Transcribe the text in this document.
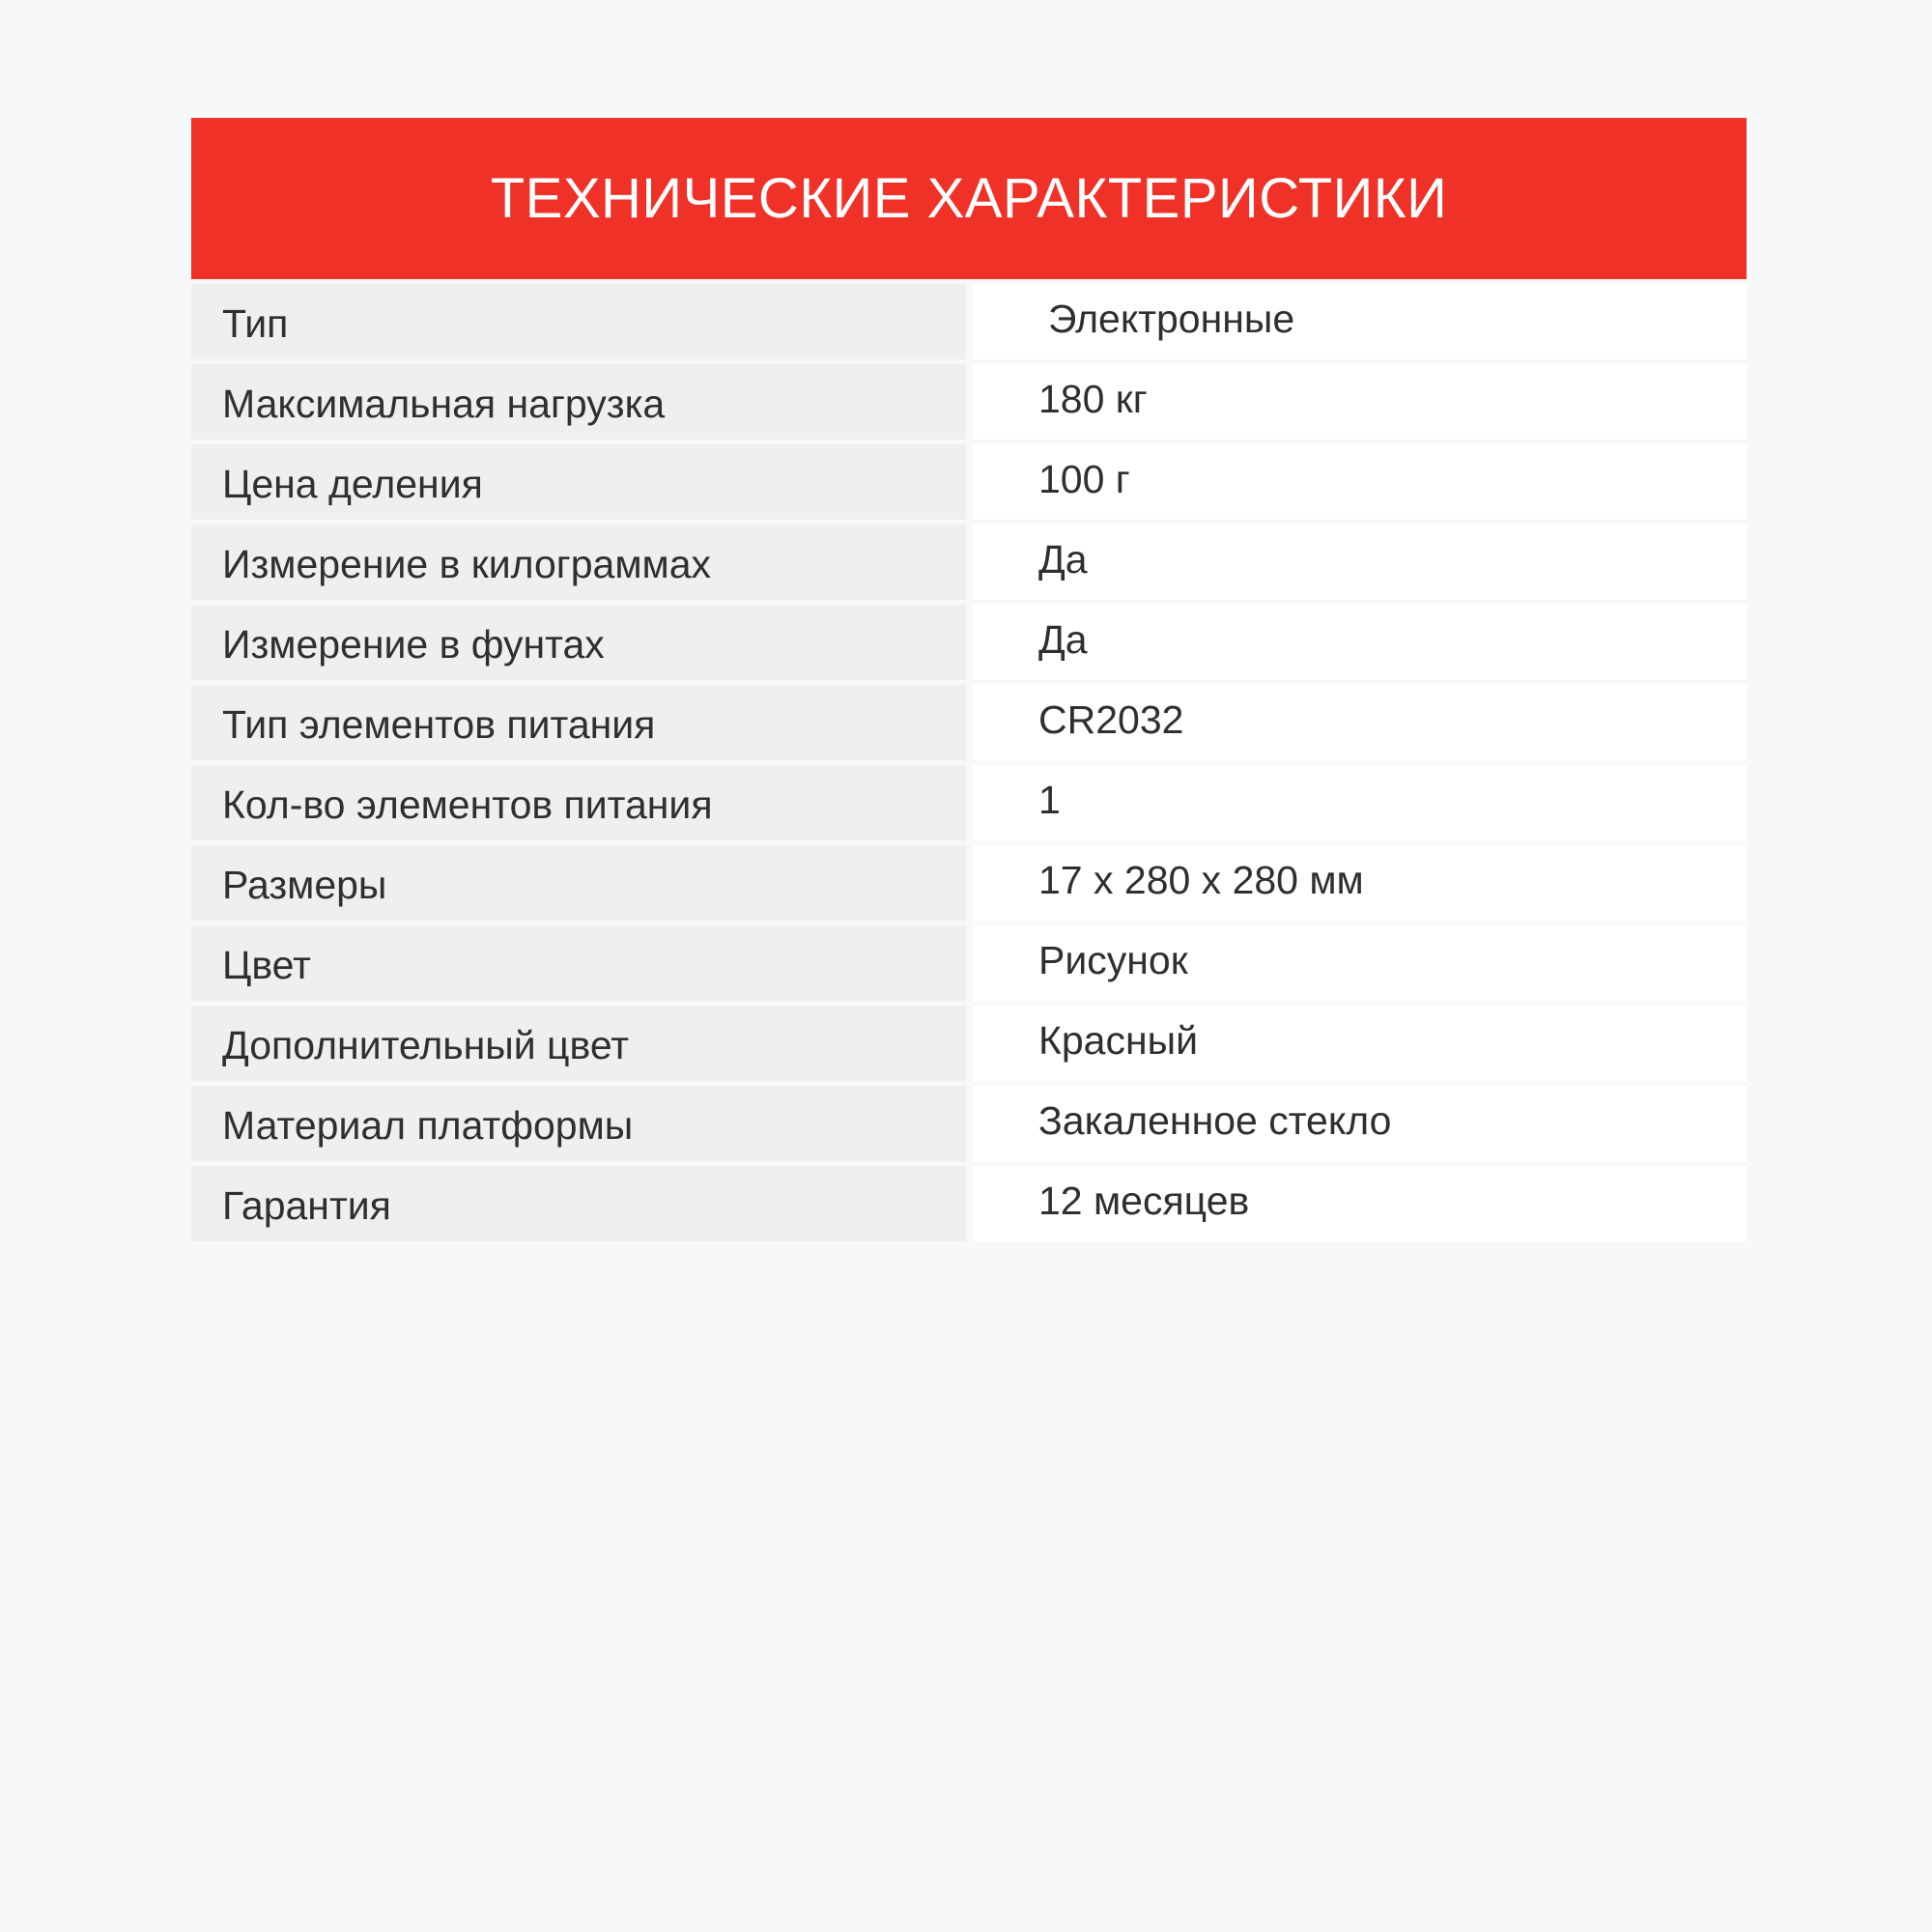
ТЕХНИЧЕСКИЕ ХАРАКТЕРИСТИКИ
Тип	Электронные
Максимальная нагрузка	180 кг
Цена деления	100 г
Измерение в килограммах	Да
Измерение в фунтах	Да
Тип элементов питания	CR2032
Кол-во элементов питания	1
Размеры	17 x 280 x 280 мм
Цвет	Рисунок
Дополнительный цвет	Красный
Материал платформы	Закаленное стекло
Гарантия	12 месяцев
